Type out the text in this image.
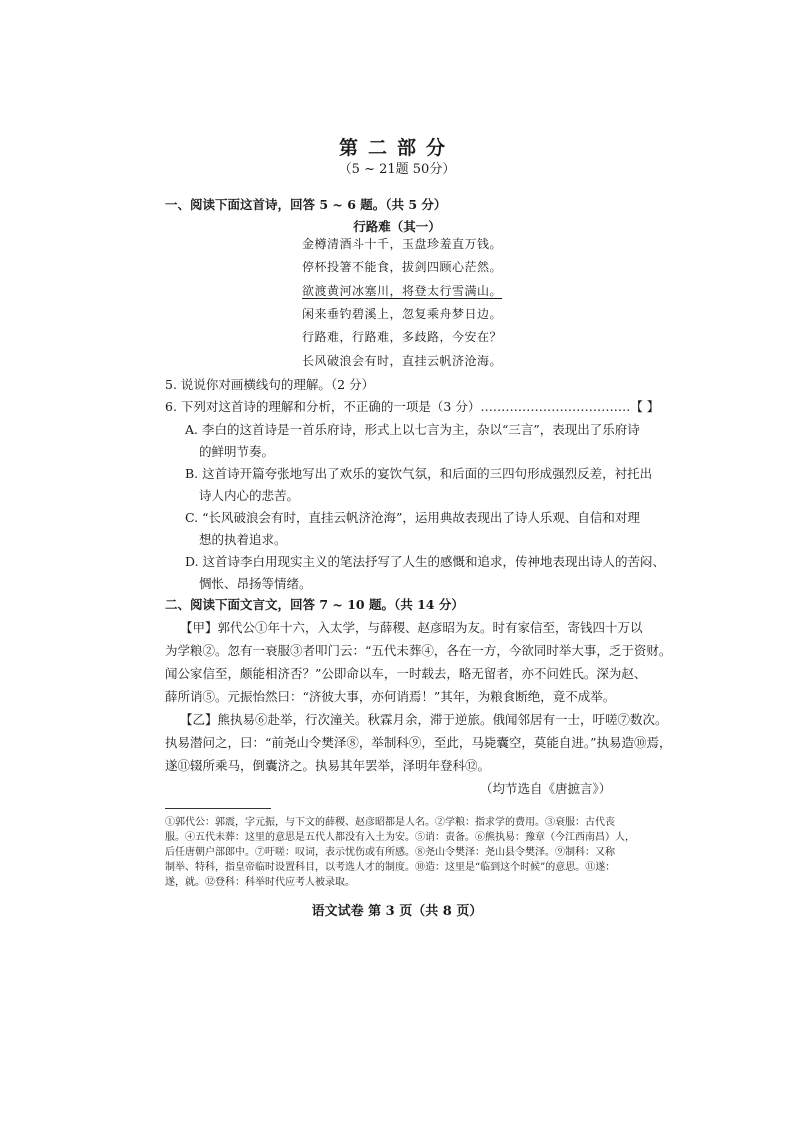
第二部分
（5 ~ 21题 50分）
一、阅读下面这首诗，回答 5 ~ 6 题。（共 5 分）
行路难（其一）
金樽清酒斗十千，玉盘珍羞直万钱。
停杯投箸不能食，拔剑四顾心茫然。
欲渡黄河冰塞川，将登太行雪满山。
闲来垂钓碧溪上，忽复乘舟梦日边。
行路难，行路难，多歧路，今安在？
长风破浪会有时，直挂云帆济沧海。
5. 说说你对画横线句的理解。（2 分）
6. 下列对这首诗的理解和分析，不正确的一项是（3 分）………………………………【 】
A. 李白的这首诗是一首乐府诗，形式上以七言为主，杂以“三言”，表现出了乐府诗
的鲜明节奏。
B. 这首诗开篇夸张地写出了欢乐的宴饮气氛，和后面的三四句形成强烈反差，衬托出
诗人内心的悲苦。
C. “长风破浪会有时，直挂云帆济沧海”，运用典故表现出了诗人乐观、自信和对理
想的执着追求。
D. 这首诗李白用现实主义的笔法抒写了人生的感慨和追求，传神地表现出诗人的苦闷、
惆怅、昂扬等情绪。
二、阅读下面文言文，回答 7 ~ 10 题。（共 14 分）
【甲】郭代公①年十六，入太学，与薛稷、赵彦昭为友。时有家信至，寄钱四十万以
为学粮②。忽有一衰服③者叩门云：“五代未葬④，各在一方，今欲同时举大事，乏于资财。
闻公家信至，颇能相济否？”公即命以车，一时载去，略无留者，亦不问姓氏。深为赵、
薛所诮⑤。元振怡然曰：“济彼大事，亦何诮焉！”其年，为粮食断绝，竟不成举。
【乙】熊执易⑥赴举，行次潼关。秋霖月余，滞于逆旅。俄闻邻居有一士，吁嗟⑦数次。
执易潜问之，曰：“前尧山令樊泽⑧，举制科⑨，至此，马毙囊空，莫能自进。”执易造⑩焉，
遂⑪辍所乘马，倒囊济之。执易其年罢举，泽明年登科⑫。
（均节选自《唐摭言》）
①郭代公：郭震，字元振，与下文的薛稷、赵彦昭都是人名。②学粮：指求学的费用。③衰服：古代丧
服。④五代未葬：这里的意思是五代人都没有入土为安。⑤诮：责备。⑥熊执易：豫章（今江西南昌）人，
后任唐朝户部郎中。⑦吁嗟：叹词，表示忧伤或有所感。⑧尧山令樊泽：尧山县令樊泽。⑨制科：又称
制举、特科，指皇帝临时设置科目，以考选人才的制度。⑩造：这里是“临到这个时候”的意思。⑪遂：
遂，就。⑫登科：科举时代应考人被录取。
语文试卷 第 3 页（共 8 页）
